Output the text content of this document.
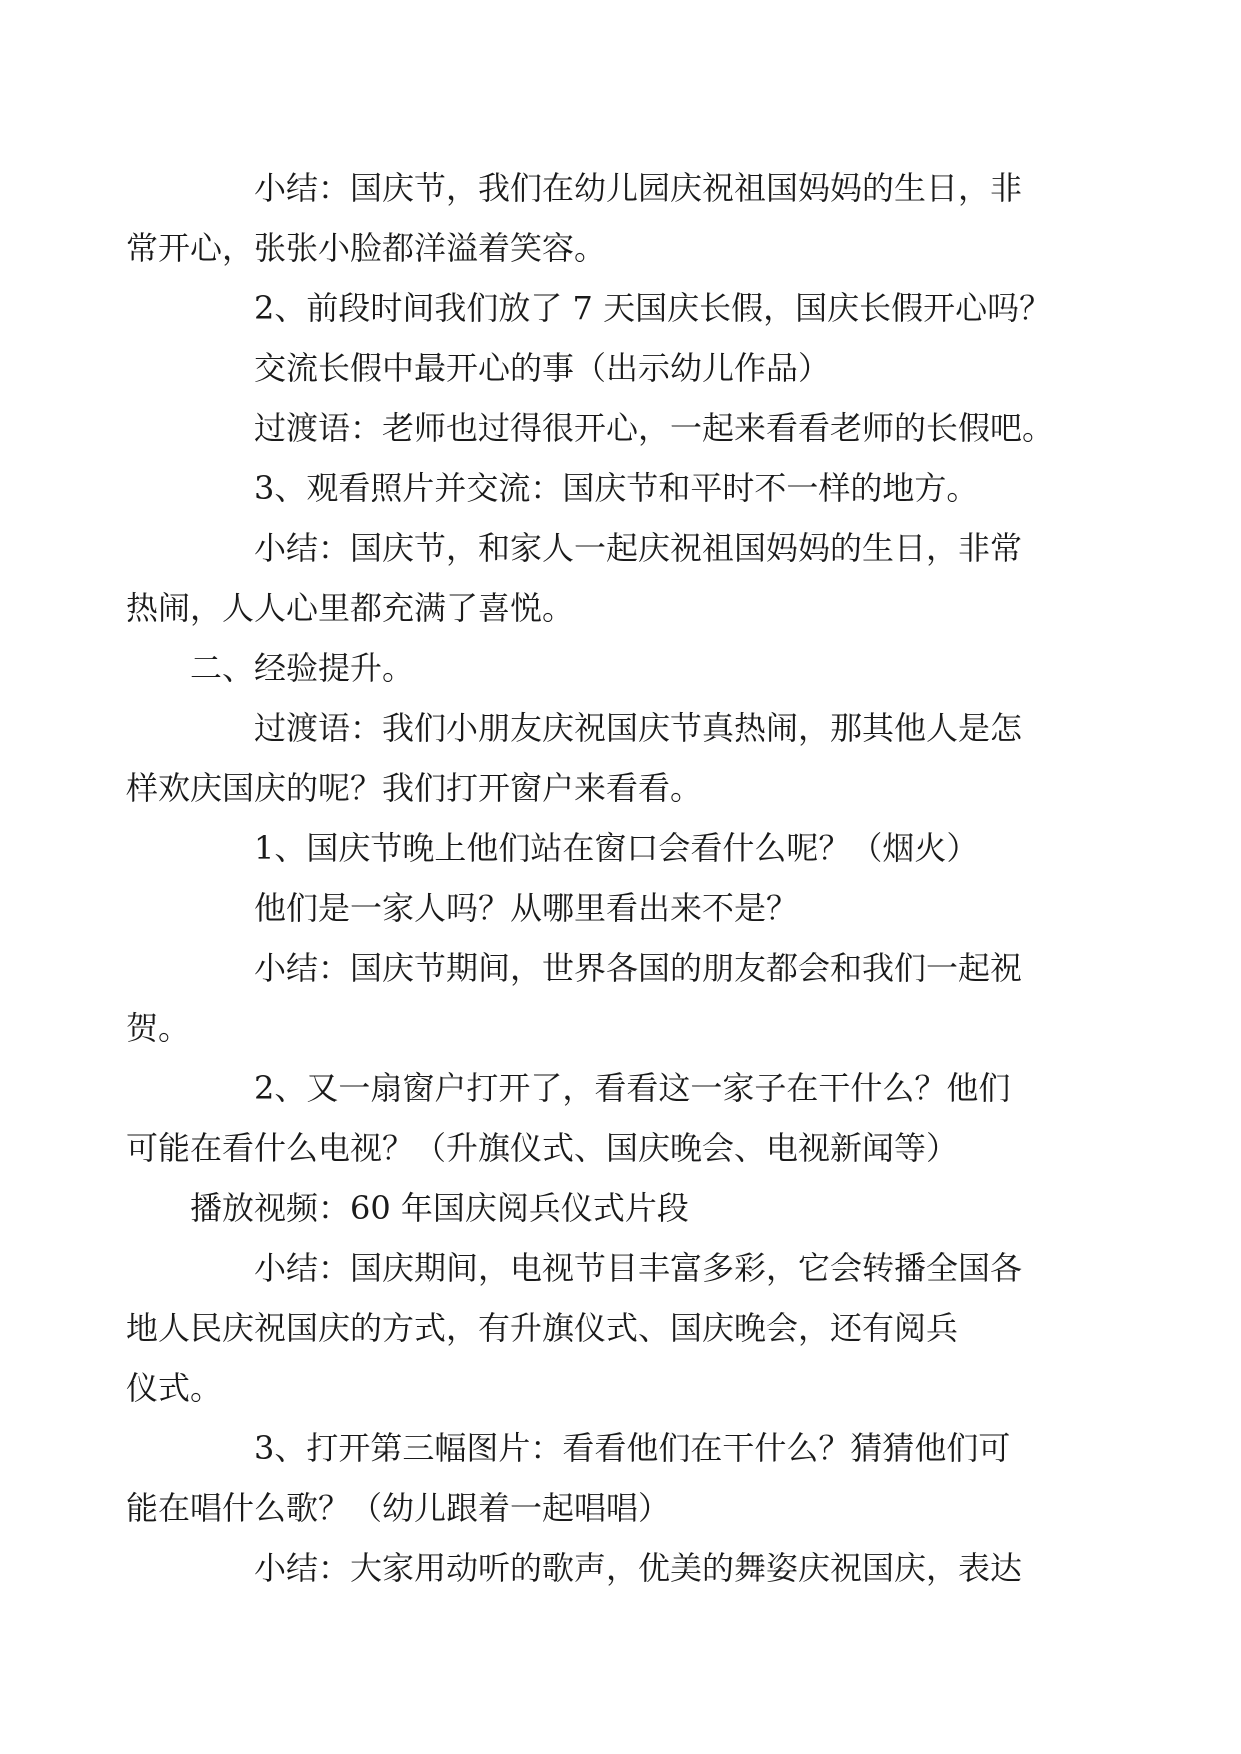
小结：国庆节，我们在幼儿园庆祝祖国妈妈的生日，非
常开心，张张小脸都洋溢着笑容。

2、前段时间我们放了 7 天国庆长假，国庆长假开心吗？

交流长假中最开心的事（出示幼儿作品）

过渡语：老师也过得很开心，一起来看看老师的长假吧。

3、观看照片并交流：国庆节和平时不一样的地方。

小结：国庆节，和家人一起庆祝祖国妈妈的生日，非常
热闹，人人心里都充满了喜悦。

二、经验提升。

过渡语：我们小朋友庆祝国庆节真热闹，那其他人是怎
样欢庆国庆的呢？我们打开窗户来看看。

1、国庆节晚上他们站在窗口会看什么呢？（烟火）

他们是一家人吗？从哪里看出来不是？

小结：国庆节期间，世界各国的朋友都会和我们一起祝
贺。

2、又一扇窗户打开了，看看这一家子在干什么？他们
可能在看什么电视？（升旗仪式、国庆晚会、电视新闻等）

播放视频：60 年国庆阅兵仪式片段

小结：国庆期间，电视节目丰富多彩，它会转播全国各
地人民庆祝国庆的方式，有升旗仪式、国庆晚会，还有阅兵
仪式。

3、打开第三幅图片：看看他们在干什么？猜猜他们可
能在唱什么歌？（幼儿跟着一起唱唱）

小结：大家用动听的歌声，优美的舞姿庆祝国庆，表达
